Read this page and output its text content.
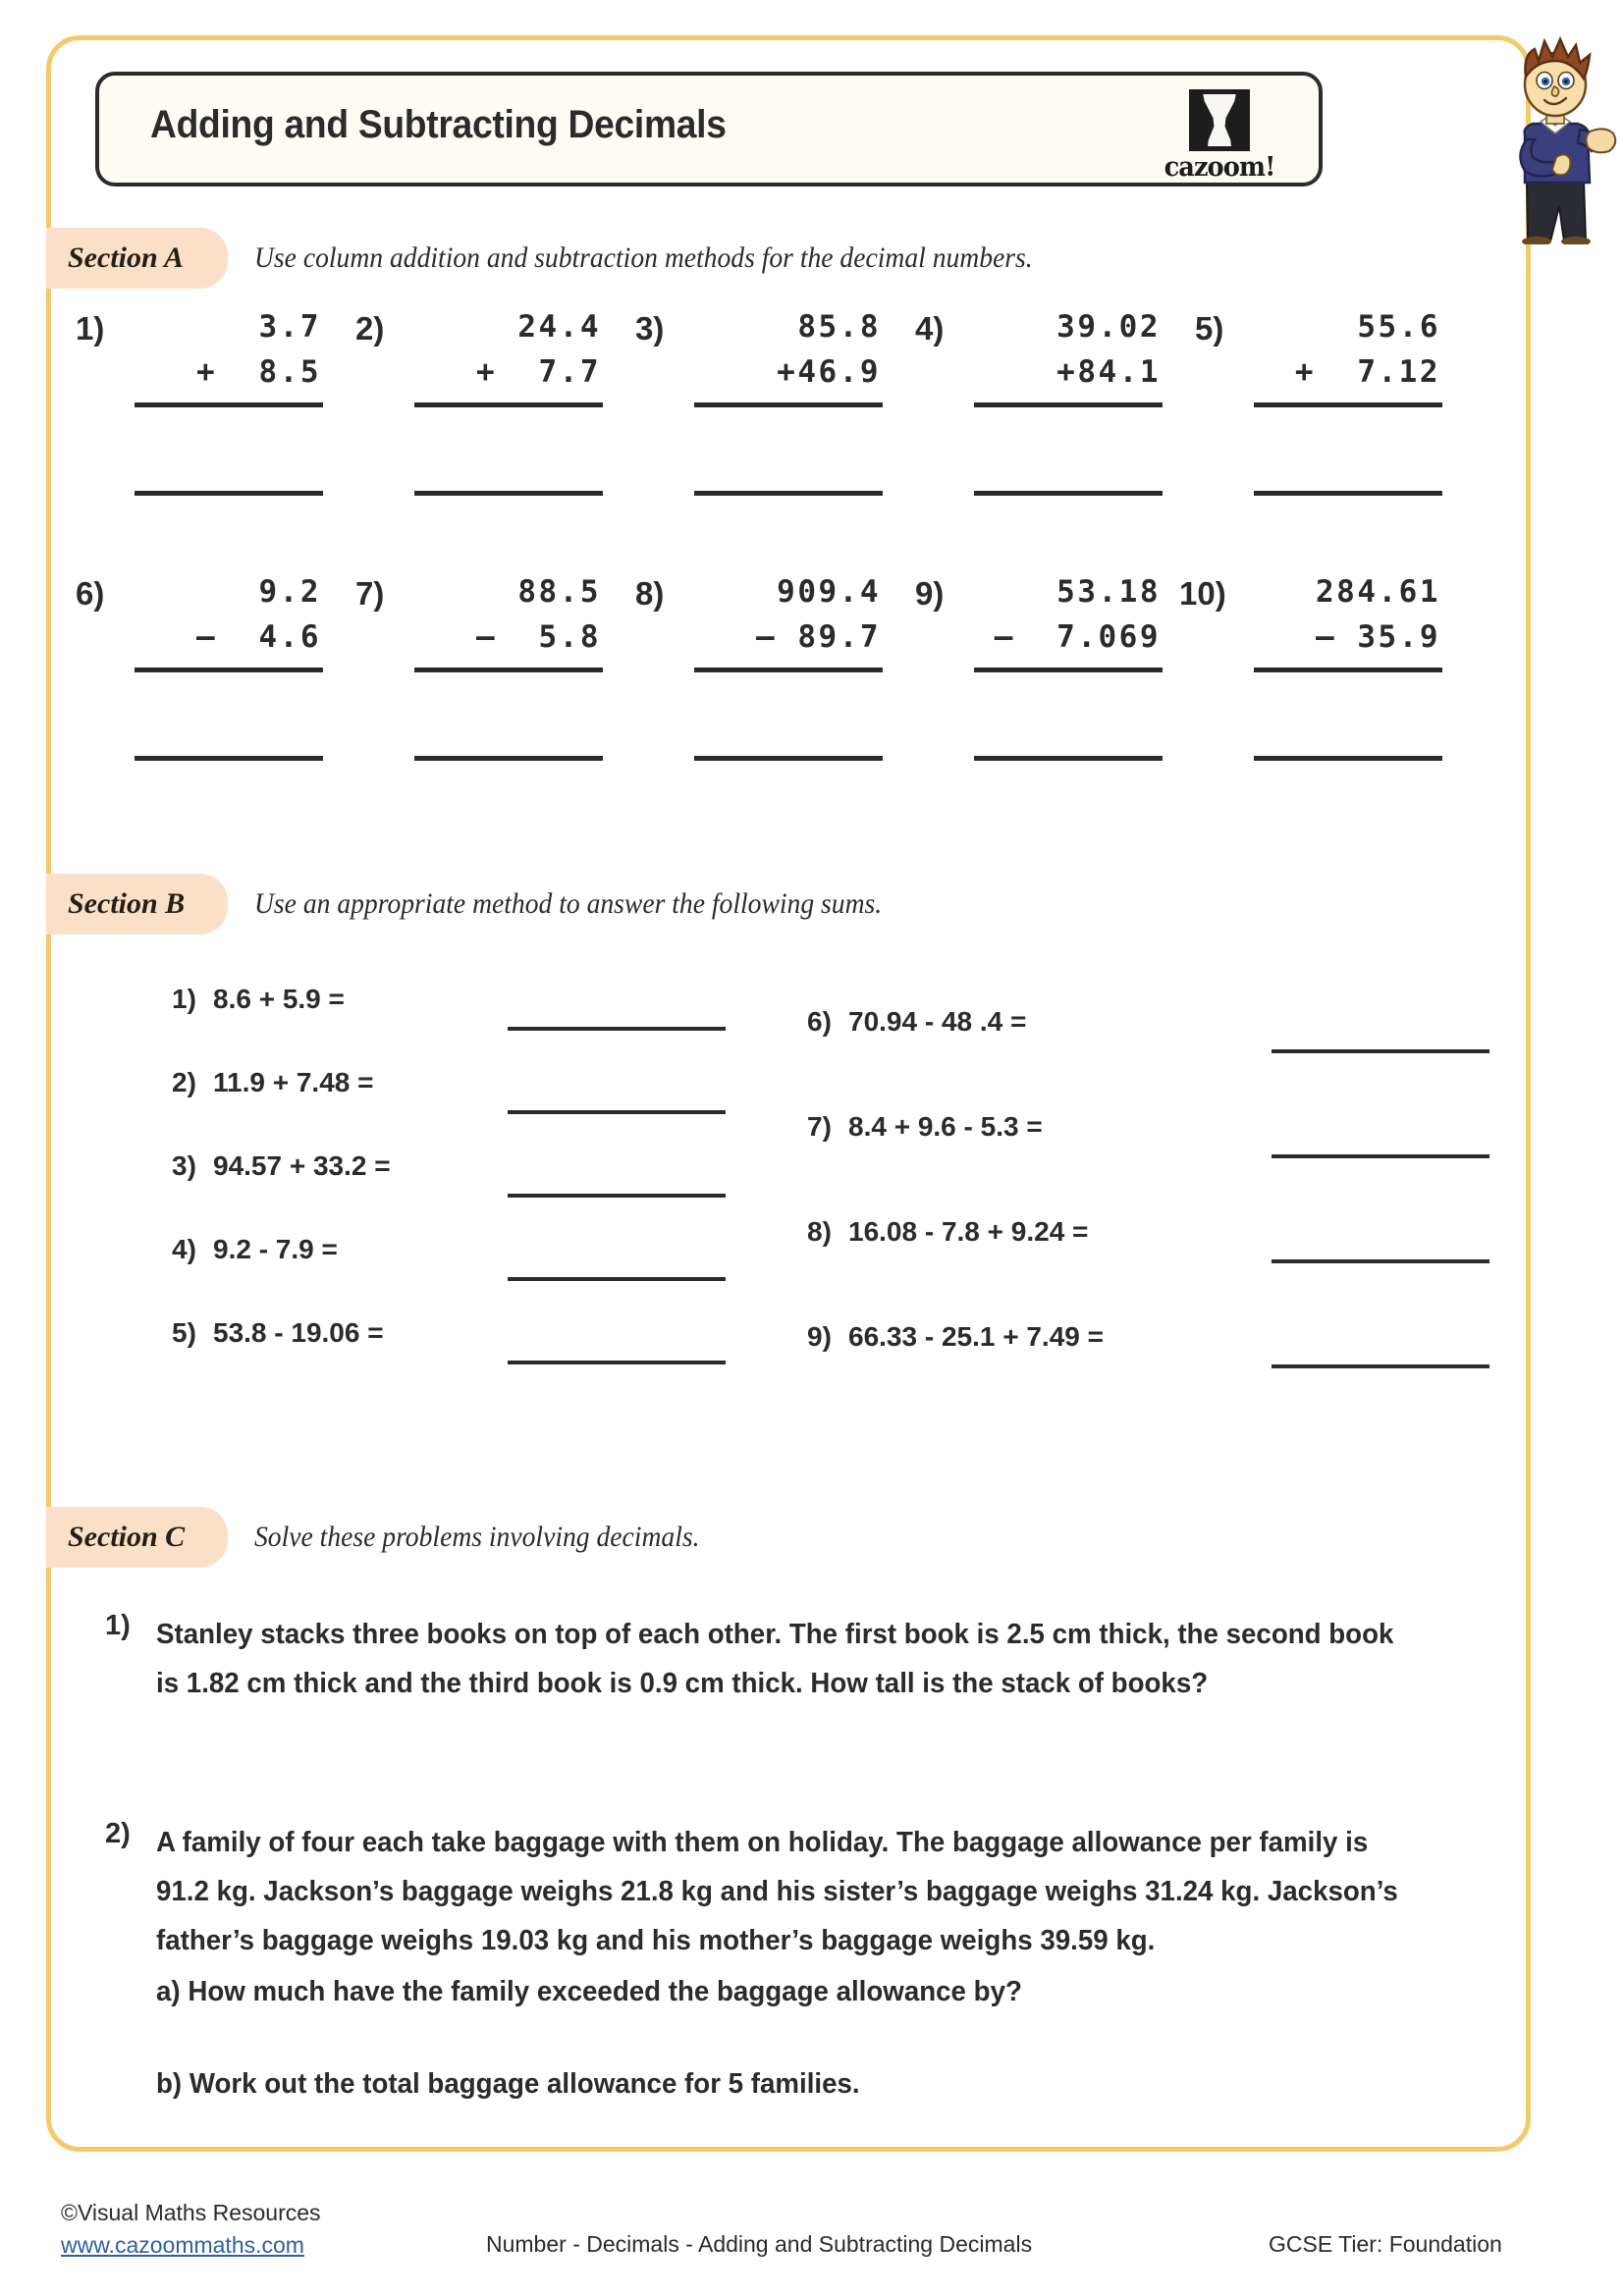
Adding and Subtracting Decimals
cazoom!
Section A Use column addition and subtraction methods for the decimal numbers.
1)	3.7
+  8.5
2)	24.4
+  7.7
3)	85.8
+46.9
4)	39.02
+84.1
5)	55.6
+  7.12
6)	9.2
–  4.6
7)	88.5
–  5.8
8)	909.4
– 89.7
9)	53.18
–  7.069
10)	284.61
– 35.9
Section B Use an appropriate method to answer the following sums.
1) 8.6 + 5.9 =
2) 11.9 + 7.48 =
3) 94.57 + 33.2 =
4) 9.2 - 7.9 =
5) 53.8 - 19.06 =
6) 70.94 - 48 .4 =
7) 8.4 + 9.6 - 5.3 =
8) 16.08 - 7.8 + 9.24 =
9) 66.33 - 25.1 + 7.49 =
Section C Solve these problems involving decimals.
1) Stanley stacks three books on top of each other. The first book is 2.5 cm thick, the second book is 1.82 cm thick and the third book is 0.9 cm thick. How tall is the stack of books?
2) A family of four each take baggage with them on holiday. The baggage allowance per family is 91.2 kg. Jackson’s baggage weighs 21.8 kg and his sister’s baggage weighs 31.24 kg. Jackson’s father’s baggage weighs 19.03 kg and his mother’s baggage weighs 39.59 kg.
a) How much have the family exceeded the baggage allowance by?
b) Work out the total baggage allowance for 5 families.
©Visual Maths Resources
www.cazoommaths.com	Number - Decimals - Adding and Subtracting Decimals	GCSE Tier: Foundation
